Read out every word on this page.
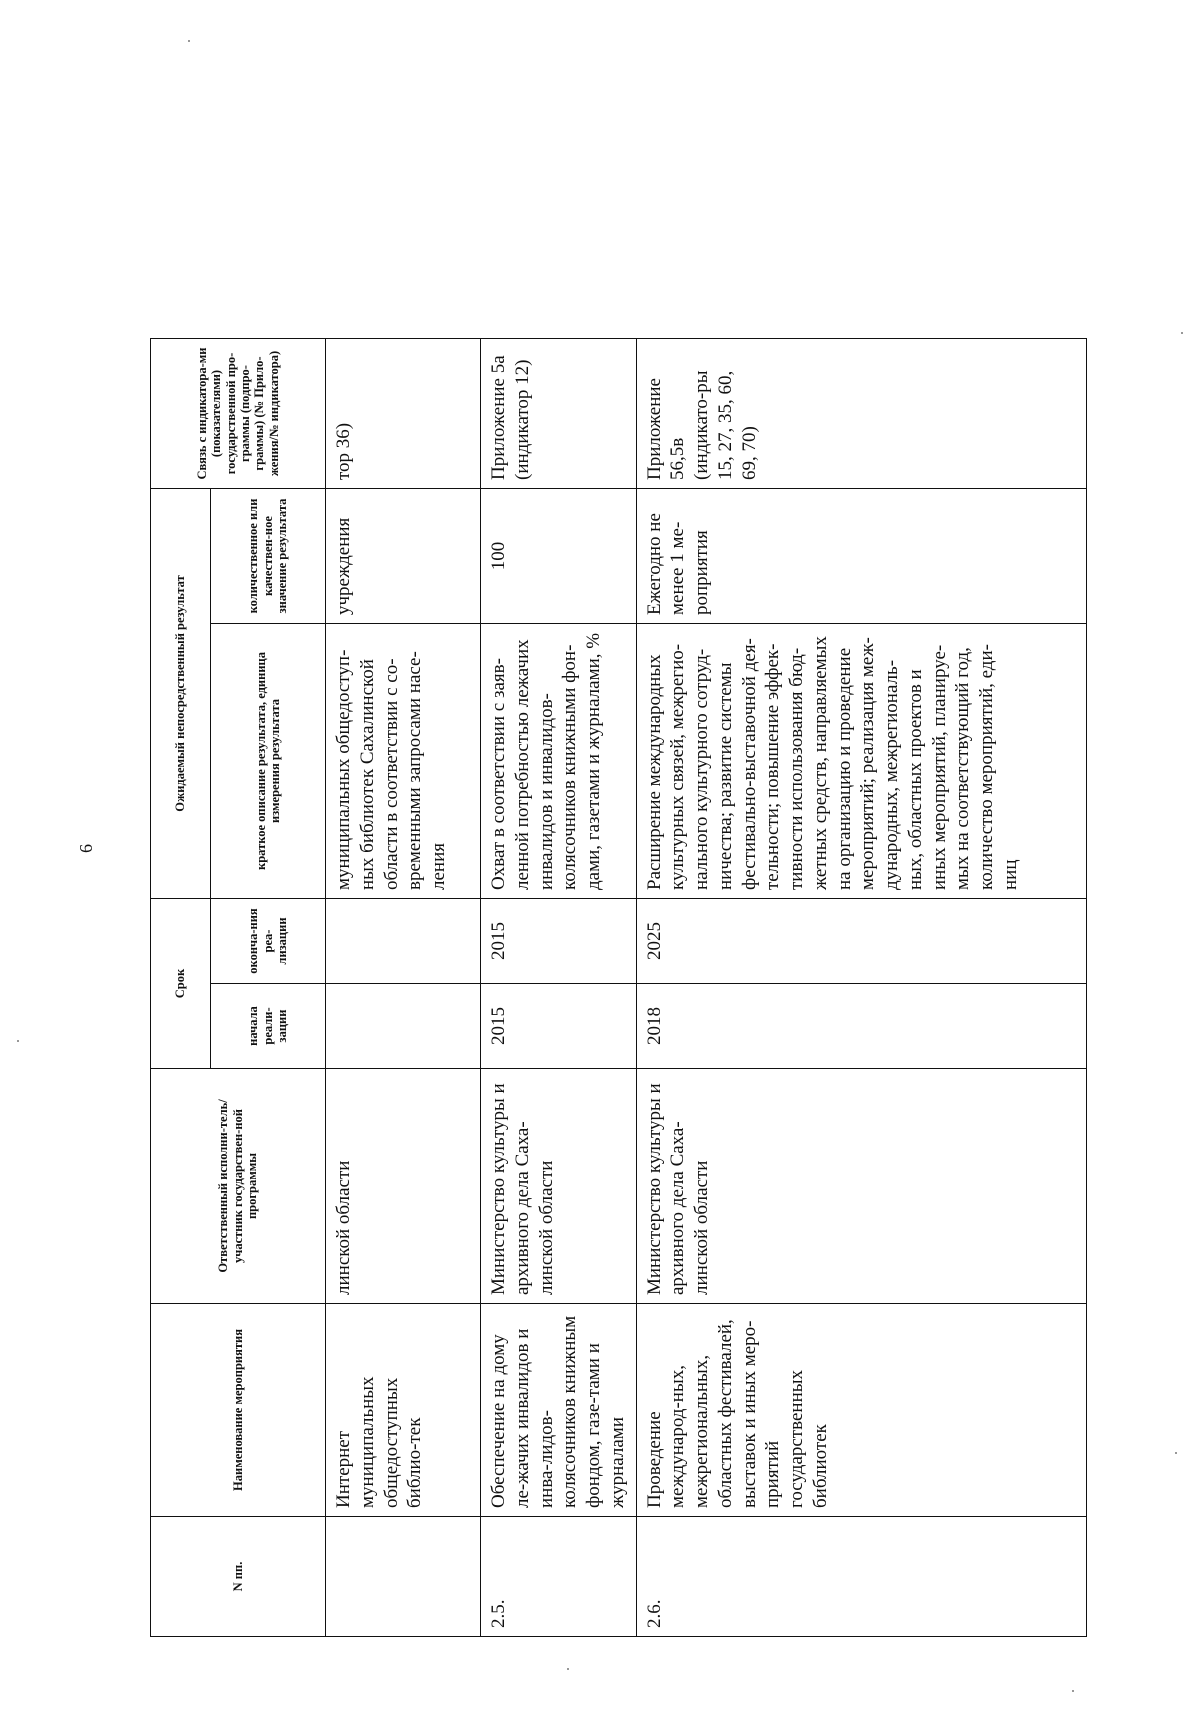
6
N пп.	Наименование мероприятия	Ответственный исполни-тель/участник государствен-ной программы	Срок		Ожидаемый непосредственный результат		Связь с индикатора-ми (показателями) государственной про-граммы (подпро-граммы) (№ Прило-жения/№ индикатора)	
			начала реали-зации	оконча-ния реа-лизации	краткое описание результата, единица измерения результата	количественное или качествен-ное значение результата		
	Интернет муниципальных общедоступных библио-тек	линской области			муниципальных общедоступ-ных библиотек Сахалинской области в соответствии с со-временными запросами насе-ления	учреждения	тор 36)	
2.5.	Обеспечение на дому ле-жачих инвалидов и инва-лидов-колясочников книжным фондом, газе-тами и журналами	Министерство культуры и архивного дела Саха-линской области	2015	2015	Охват в соответствии с заяв-ленной потребностью лежачих инвалидов и инвалидов-колясочников книжными фон-дами, газетами и журналами, %	100	Приложение 5а (индикатор 12)	
2.6.	Проведение международ-ных, межрегиональных, областных фестивалей, выставок и иных меро-приятий государственных библиотек	Министерство культуры и архивного дела Саха-линской области	2018	2025	Расширение международных культурных связей, межрегио-нального культурного сотруд-ничества; развитие системы фестивально-выставочной дея-тельности; повышение эффек-тивности использования бюд-жетных средств, направляемых на организацию и проведение мероприятий; реализация меж-дународных, межрегиональ-ных, областных проектов и иных мероприятий, планируе-мых на соответствующий год, количество мероприятий, еди-ниц	Ежегодно не менее 1 ме-роприятия	Приложение 56,5в (индикато-ры 15, 27, 35, 60, 69, 70)	
